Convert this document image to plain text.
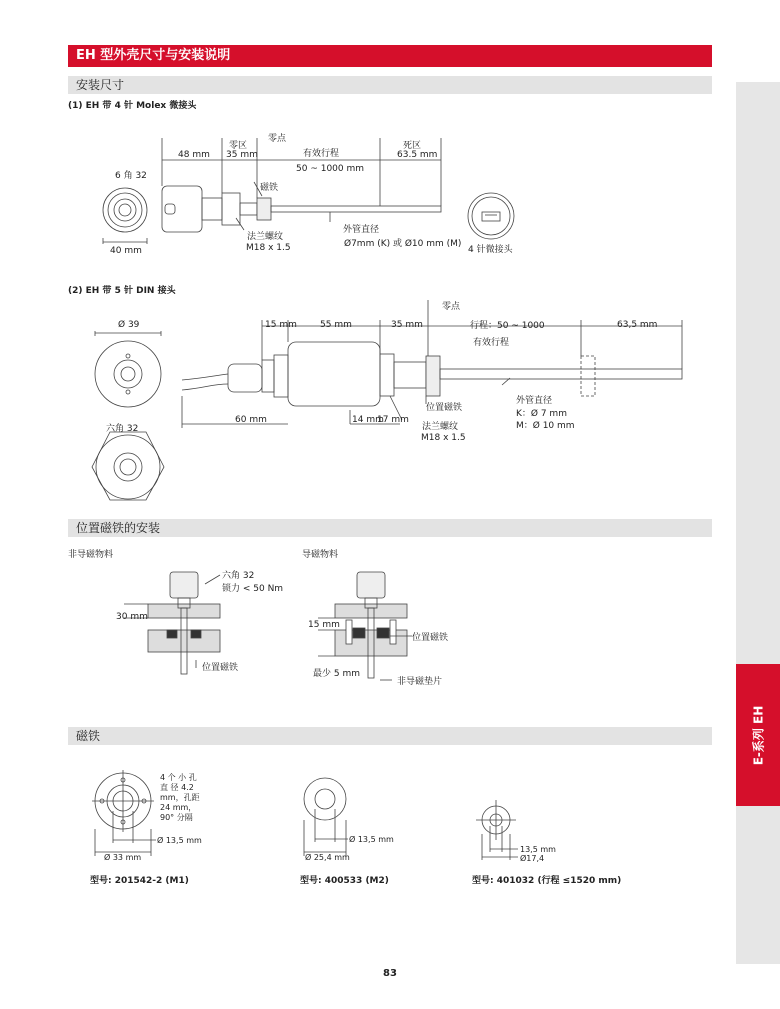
EH 型外壳尺寸与安装说明
安装尺寸
位置磁铁的安装
磁铁	E-系列 EH
(1) EH 带 4 针 Molex 微接头
6 角 32
40 mm
48 mm
零区
35 mm
零点
有效行程
50 ~ 1000 mm
死区
63.5 mm
磁铁
法兰螺纹
M18 x 1.5
外管直径
Ø7mm (K) 或 Ø10 mm (M)
4 针微接头
(2) EH 带 5 针 DIN 接头
Ø 39
六角 32
零点
15 mm	55 mm	35 mm	行程：50 ~ 1000
有效行程
63,5 mm
60 mm	14 mm
17 mm
位置磁铁
法兰螺纹
M18 x 1.5
外管直径
K：Ø 7 mm
M：Ø 10 mm
非导磁物料	导磁物料
六角 32
锁力 < 50 Nm
30 mm
位置磁铁
15 mm
位置磁铁
最少 5 mm
非导磁垫片
4 个 小 孔
直 径 4.2
mm，孔距
24 mm，
90° 分隔
Ø 13,5 mm
Ø 33 mm
型号: 201542-2 (M1)
Ø 13,5 mm
Ø 25,4 mm
型号: 400533 (M2)
13,5 mm
Ø17,4
型号: 401032 (行程 ≤1520 mm)
83
